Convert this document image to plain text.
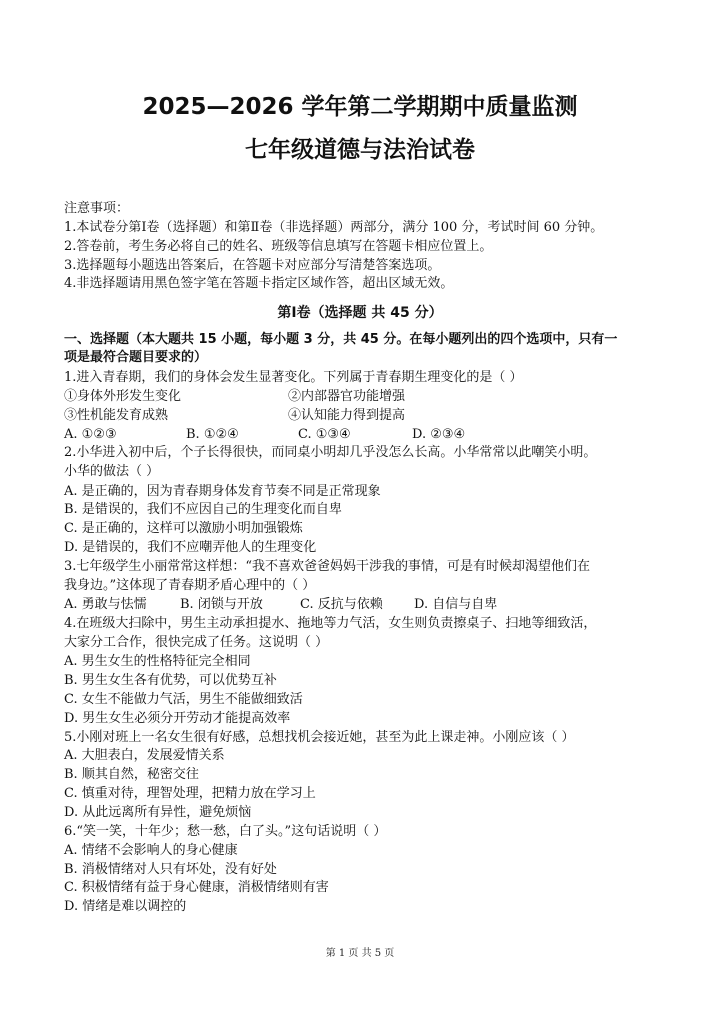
2025—2026 学年第二学期期中质量监测
七年级道德与法治试卷
注意事项：
1.本试卷分第Ⅰ卷（选择题）和第Ⅱ卷（非选择题）两部分，满分 100 分，考试时间 60 分钟。
2.答卷前，考生务必将自己的姓名、班级等信息填写在答题卡相应位置上。
3.选择题每小题选出答案后，在答题卡对应部分写清楚答案选项。
4.非选择题请用黑色签字笔在答题卡指定区域作答，超出区域无效。
第Ⅰ卷（选择题 共 45 分）
一、选择题（本大题共 15 小题，每小题 3 分，共 45 分。在每小题列出的四个选项中，只有一
项是最符合题目要求的）
1.进入青春期，我们的身体会发生显著变化。下列属于青春期生理变化的是（ ）
①身体外形发生变化	②内部器官功能增强
③性机能发育成熟	④认知能力得到提高
A. ①②③	B. ①②④	C. ①③④	D. ②③④
2.小华进入初中后，个子长得很快，而同桌小明却几乎没怎么长高。小华常常以此嘲笑小明。
小华的做法（ ）
A. 是正确的，因为青春期身体发育节奏不同是正常现象
B. 是错误的，我们不应因自己的生理变化而自卑
C. 是正确的，这样可以激励小明加强锻炼
D. 是错误的，我们不应嘲弄他人的生理变化
3.七年级学生小丽常常这样想：“我不喜欢爸爸妈妈干涉我的事情，可是有时候却渴望他们在
我身边。”这体现了青春期矛盾心理中的（ ）
A. 勇敢与怯懦	B. 闭锁与开放	C. 反抗与依赖 D. 自信与自卑
4.在班级大扫除中，男生主动承担提水、拖地等力气活，女生则负责擦桌子、扫地等细致活，
大家分工合作，很快完成了任务。这说明（ ）
A. 男生女生的性格特征完全相同
B. 男生女生各有优势，可以优势互补
C. 女生不能做力气活，男生不能做细致活
D. 男生女生必须分开劳动才能提高效率
5.小刚对班上一名女生很有好感，总想找机会接近她，甚至为此上课走神。小刚应该（ ）
A. 大胆表白，发展爱情关系
B. 顺其自然，秘密交往
C. 慎重对待，理智处理，把精力放在学习上
D. 从此远离所有异性，避免烦恼
6.“笑一笑，十年少；愁一愁，白了头。”这句话说明（ ）
A. 情绪不会影响人的身心健康
B. 消极情绪对人只有坏处，没有好处
C. 积极情绪有益于身心健康，消极情绪则有害
D. 情绪是难以调控的
第 1 页 共 5 页
